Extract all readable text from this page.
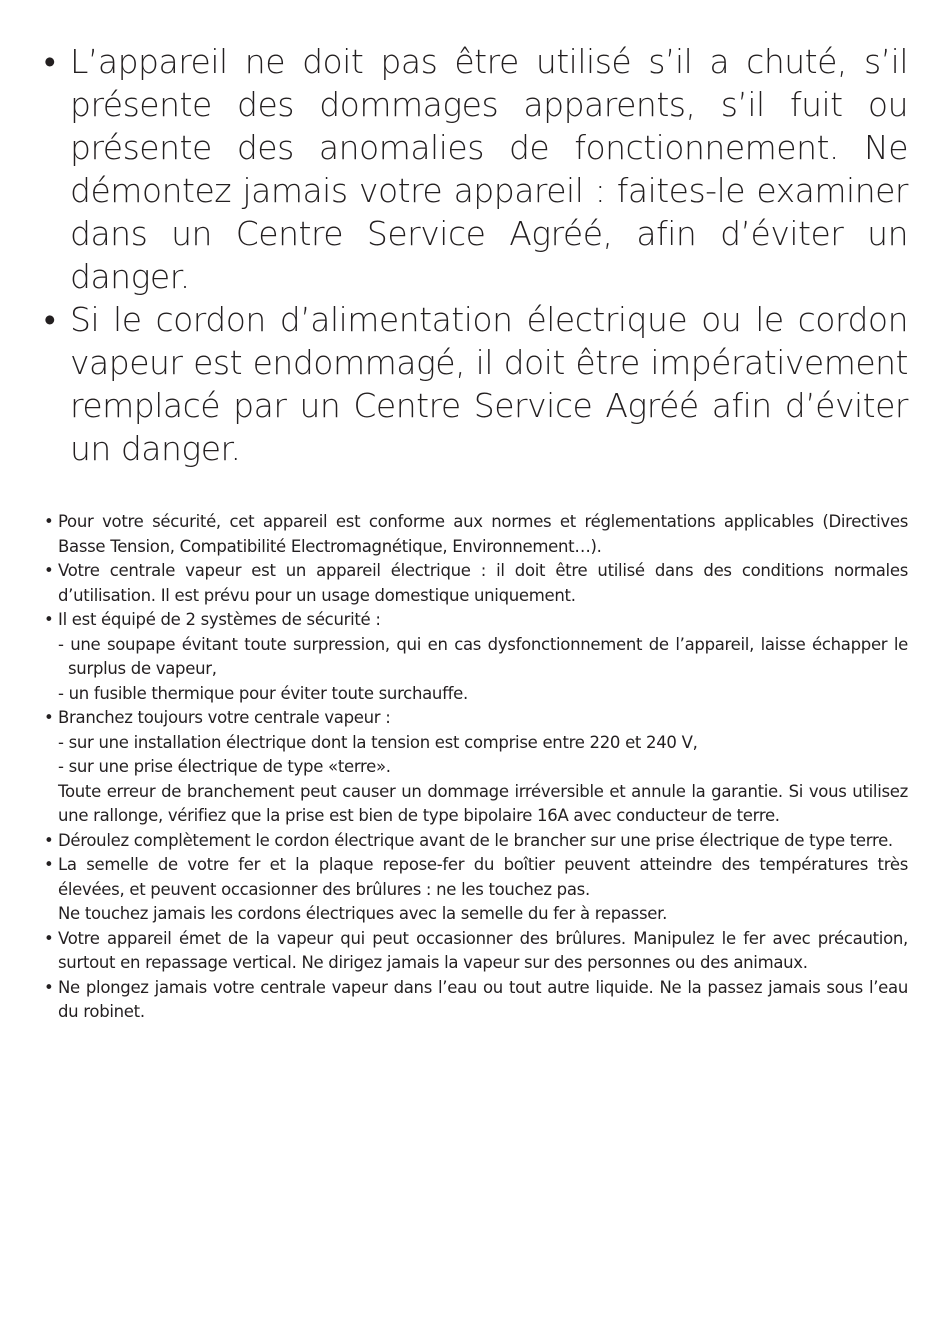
• L’appareil ne doit pas être utilisé s’il a chuté, s’il présente des dommages apparents, s’il fuit ou présente des anomalies de fonctionnement. Ne démontez jamais votre appareil : faites-le examiner dans un Centre Service Agréé, afin d’éviter un danger.
• Si le cordon d’alimentation électrique ou le cordon vapeur est endommagé, il doit être impérativement remplacé par un Centre Service Agréé afin d’éviter un danger.
• Pour votre sécurité, cet appareil est conforme aux normes et réglementations applicables (Directives Basse Tension, Compatibilité Electromagnétique, Environnement…).
• Votre centrale vapeur est un appareil électrique : il doit être utilisé dans des conditions normales d’utilisation. Il est prévu pour un usage domestique uniquement.
• Il est équipé de 2 systèmes de sécurité :
- une soupape évitant toute surpression, qui en cas dysfonctionnement de l’appareil, laisse échapper le surplus de vapeur,
- un fusible thermique pour éviter toute surchauffe.
• Branchez toujours votre centrale vapeur :
- sur une installation électrique dont la tension est comprise entre 220 et 240 V,
- sur une prise électrique de type «terre».
Toute erreur de branchement peut causer un dommage irréversible et annule la garantie. Si vous utilisez une rallonge, vérifiez que la prise est bien de type bipolaire 16A avec conducteur de terre.
• Déroulez complètement le cordon électrique avant de le brancher sur une prise électrique de type terre.
• La semelle de votre fer et la plaque repose-fer du boîtier peuvent atteindre des températures très élevées, et peuvent occasionner des brûlures : ne les touchez pas.
Ne touchez jamais les cordons électriques avec la semelle du fer à repasser.
• Votre appareil émet de la vapeur qui peut occasionner des brûlures. Manipulez le fer avec précaution, surtout en repassage vertical. Ne dirigez jamais la vapeur sur des personnes ou des animaux.
• Ne plongez jamais votre centrale vapeur dans l’eau ou tout autre liquide. Ne la passez jamais sous l’eau du robinet.
